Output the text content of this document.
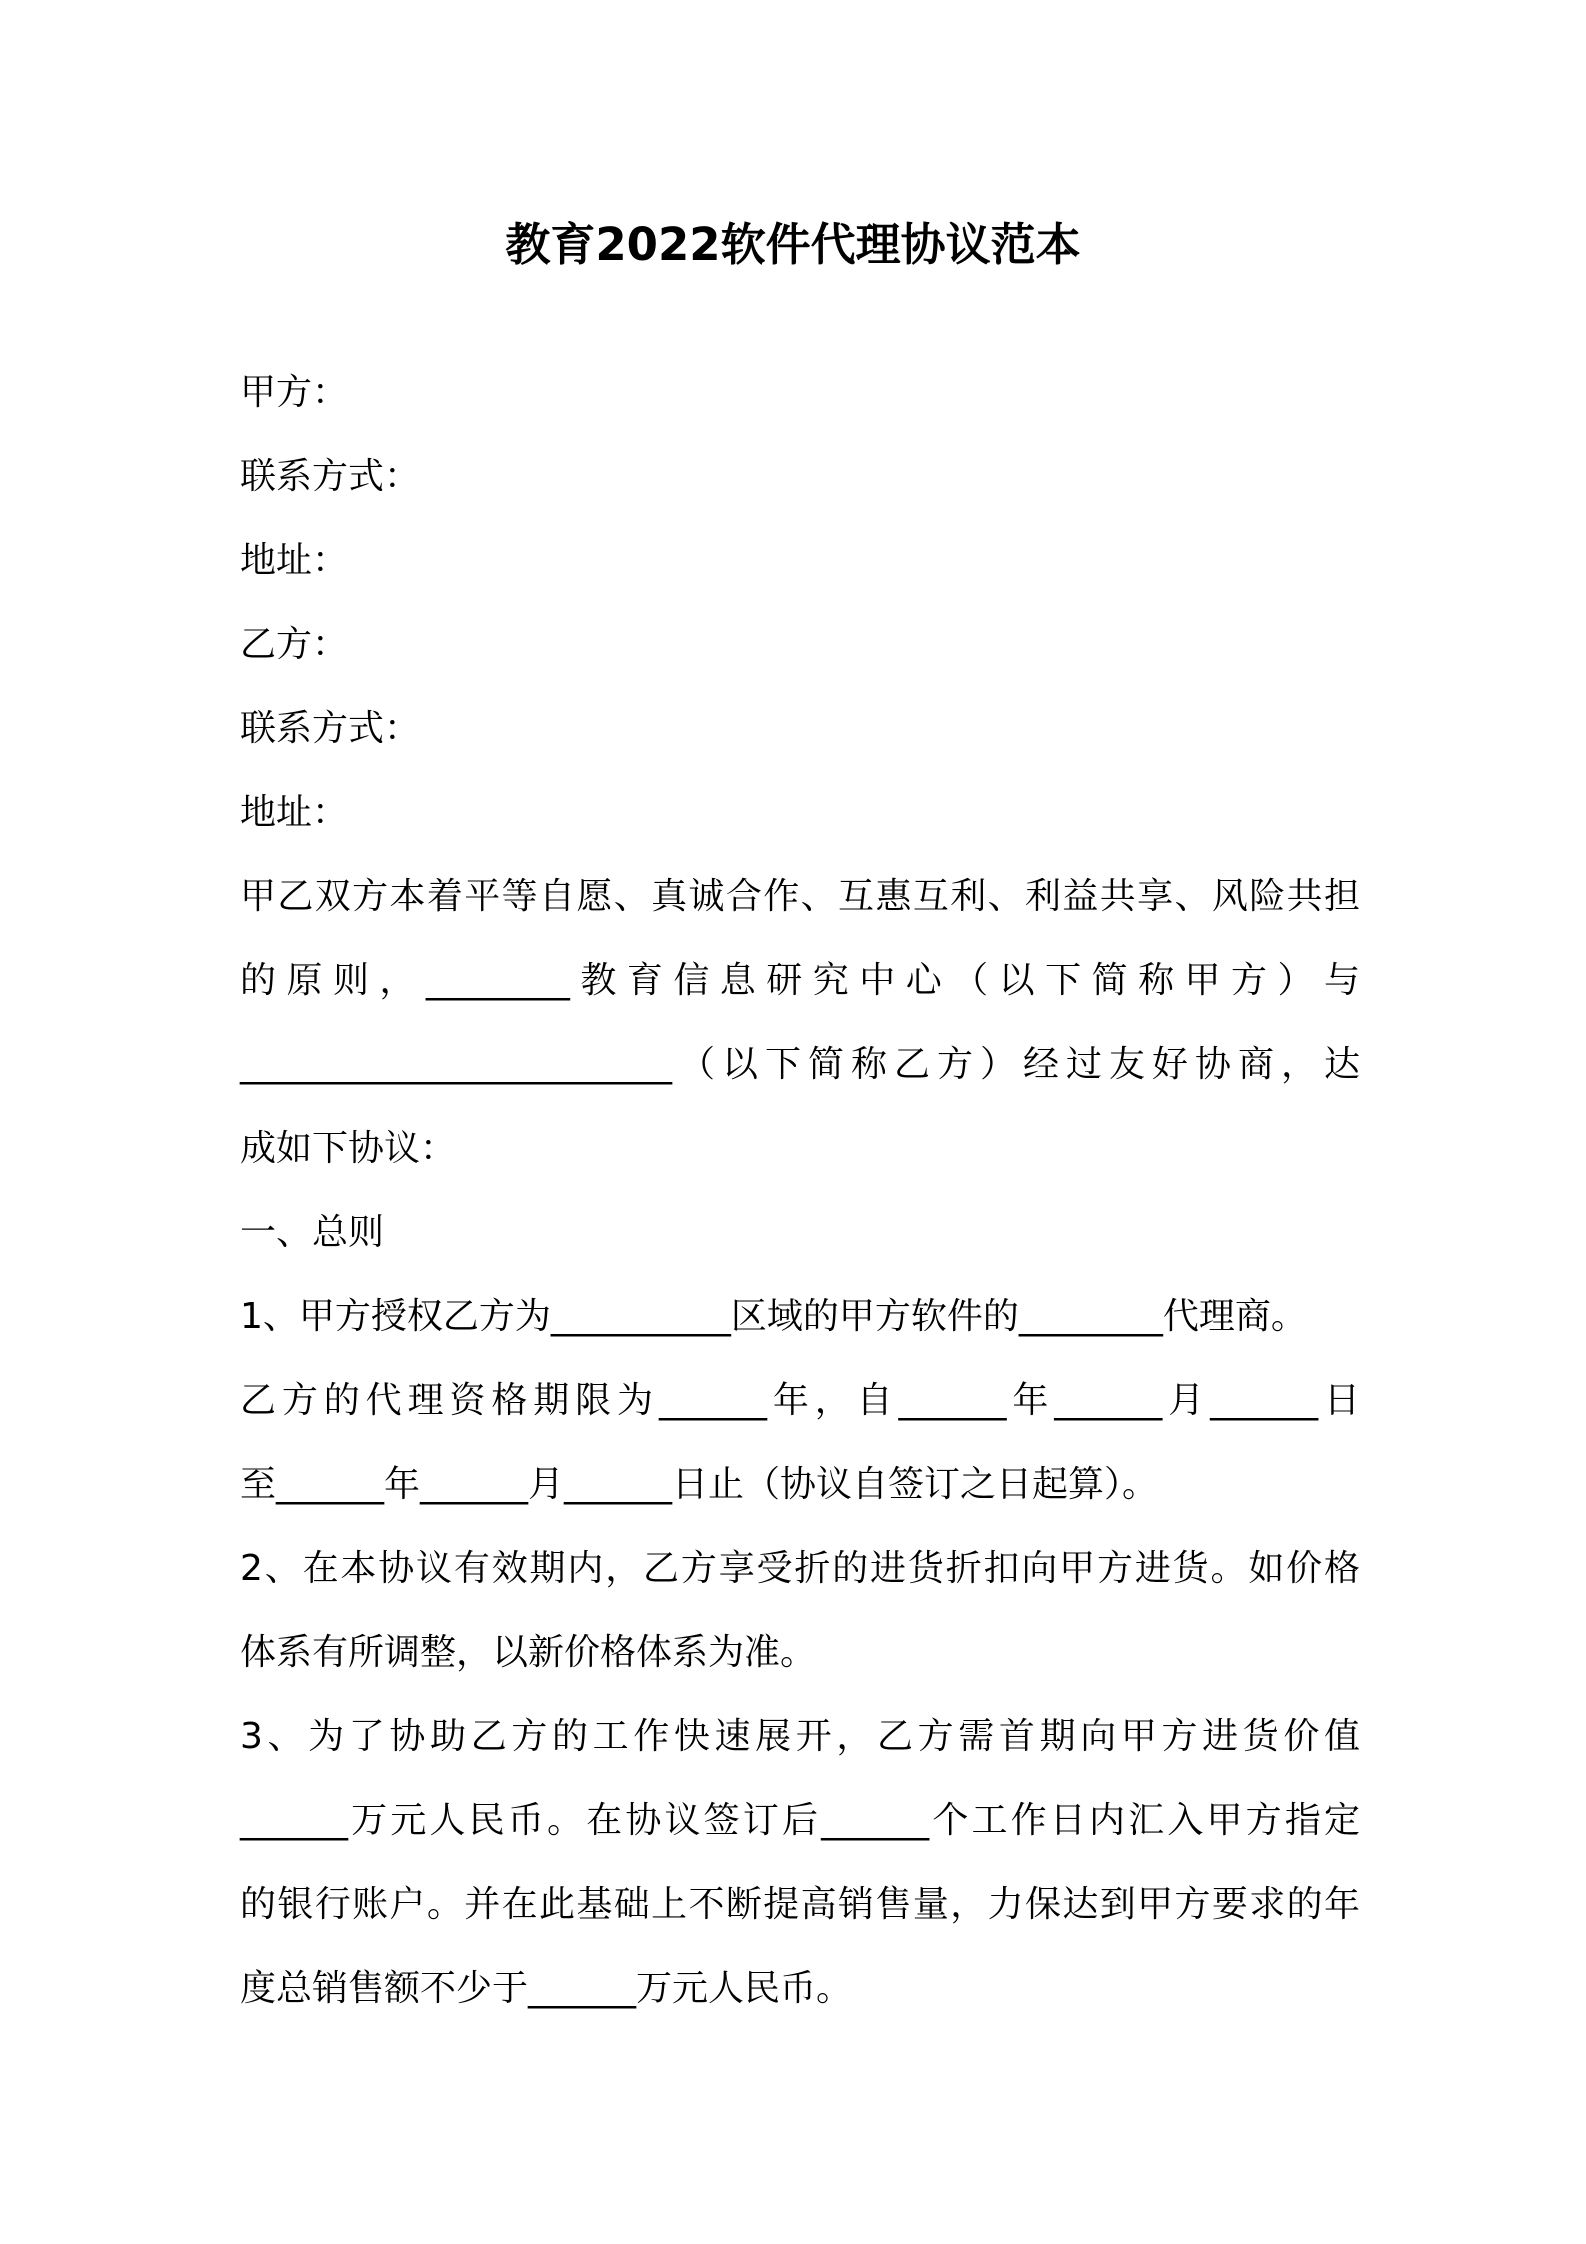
教育2022软件代理协议范本
甲方：
联系方式：
地址：
乙方：
联系方式：
地址：
甲乙双方本着平等自愿、真诚合作、互惠互利、利益共享、风险共担
的原则，________教育信息研究中心（以下简称甲方）与
________________________（以下简称乙方）经过友好协商，达
成如下协议：
一、总则
1、甲方授权乙方为__________区域的甲方软件的________代理商。
乙方的代理资格期限为______年，自______年______月______日
至______年______月______日止（协议自签订之日起算）。
2、在本协议有效期内，乙方享受折的进货折扣向甲方进货。如价格
体系有所调整，以新价格体系为准。
3、为了协助乙方的工作快速展开，乙方需首期向甲方进货价值
______万元人民币。在协议签订后______个工作日内汇入甲方指定
的银行账户。并在此基础上不断提高销售量，力保达到甲方要求的年
度总销售额不少于______万元人民币。
